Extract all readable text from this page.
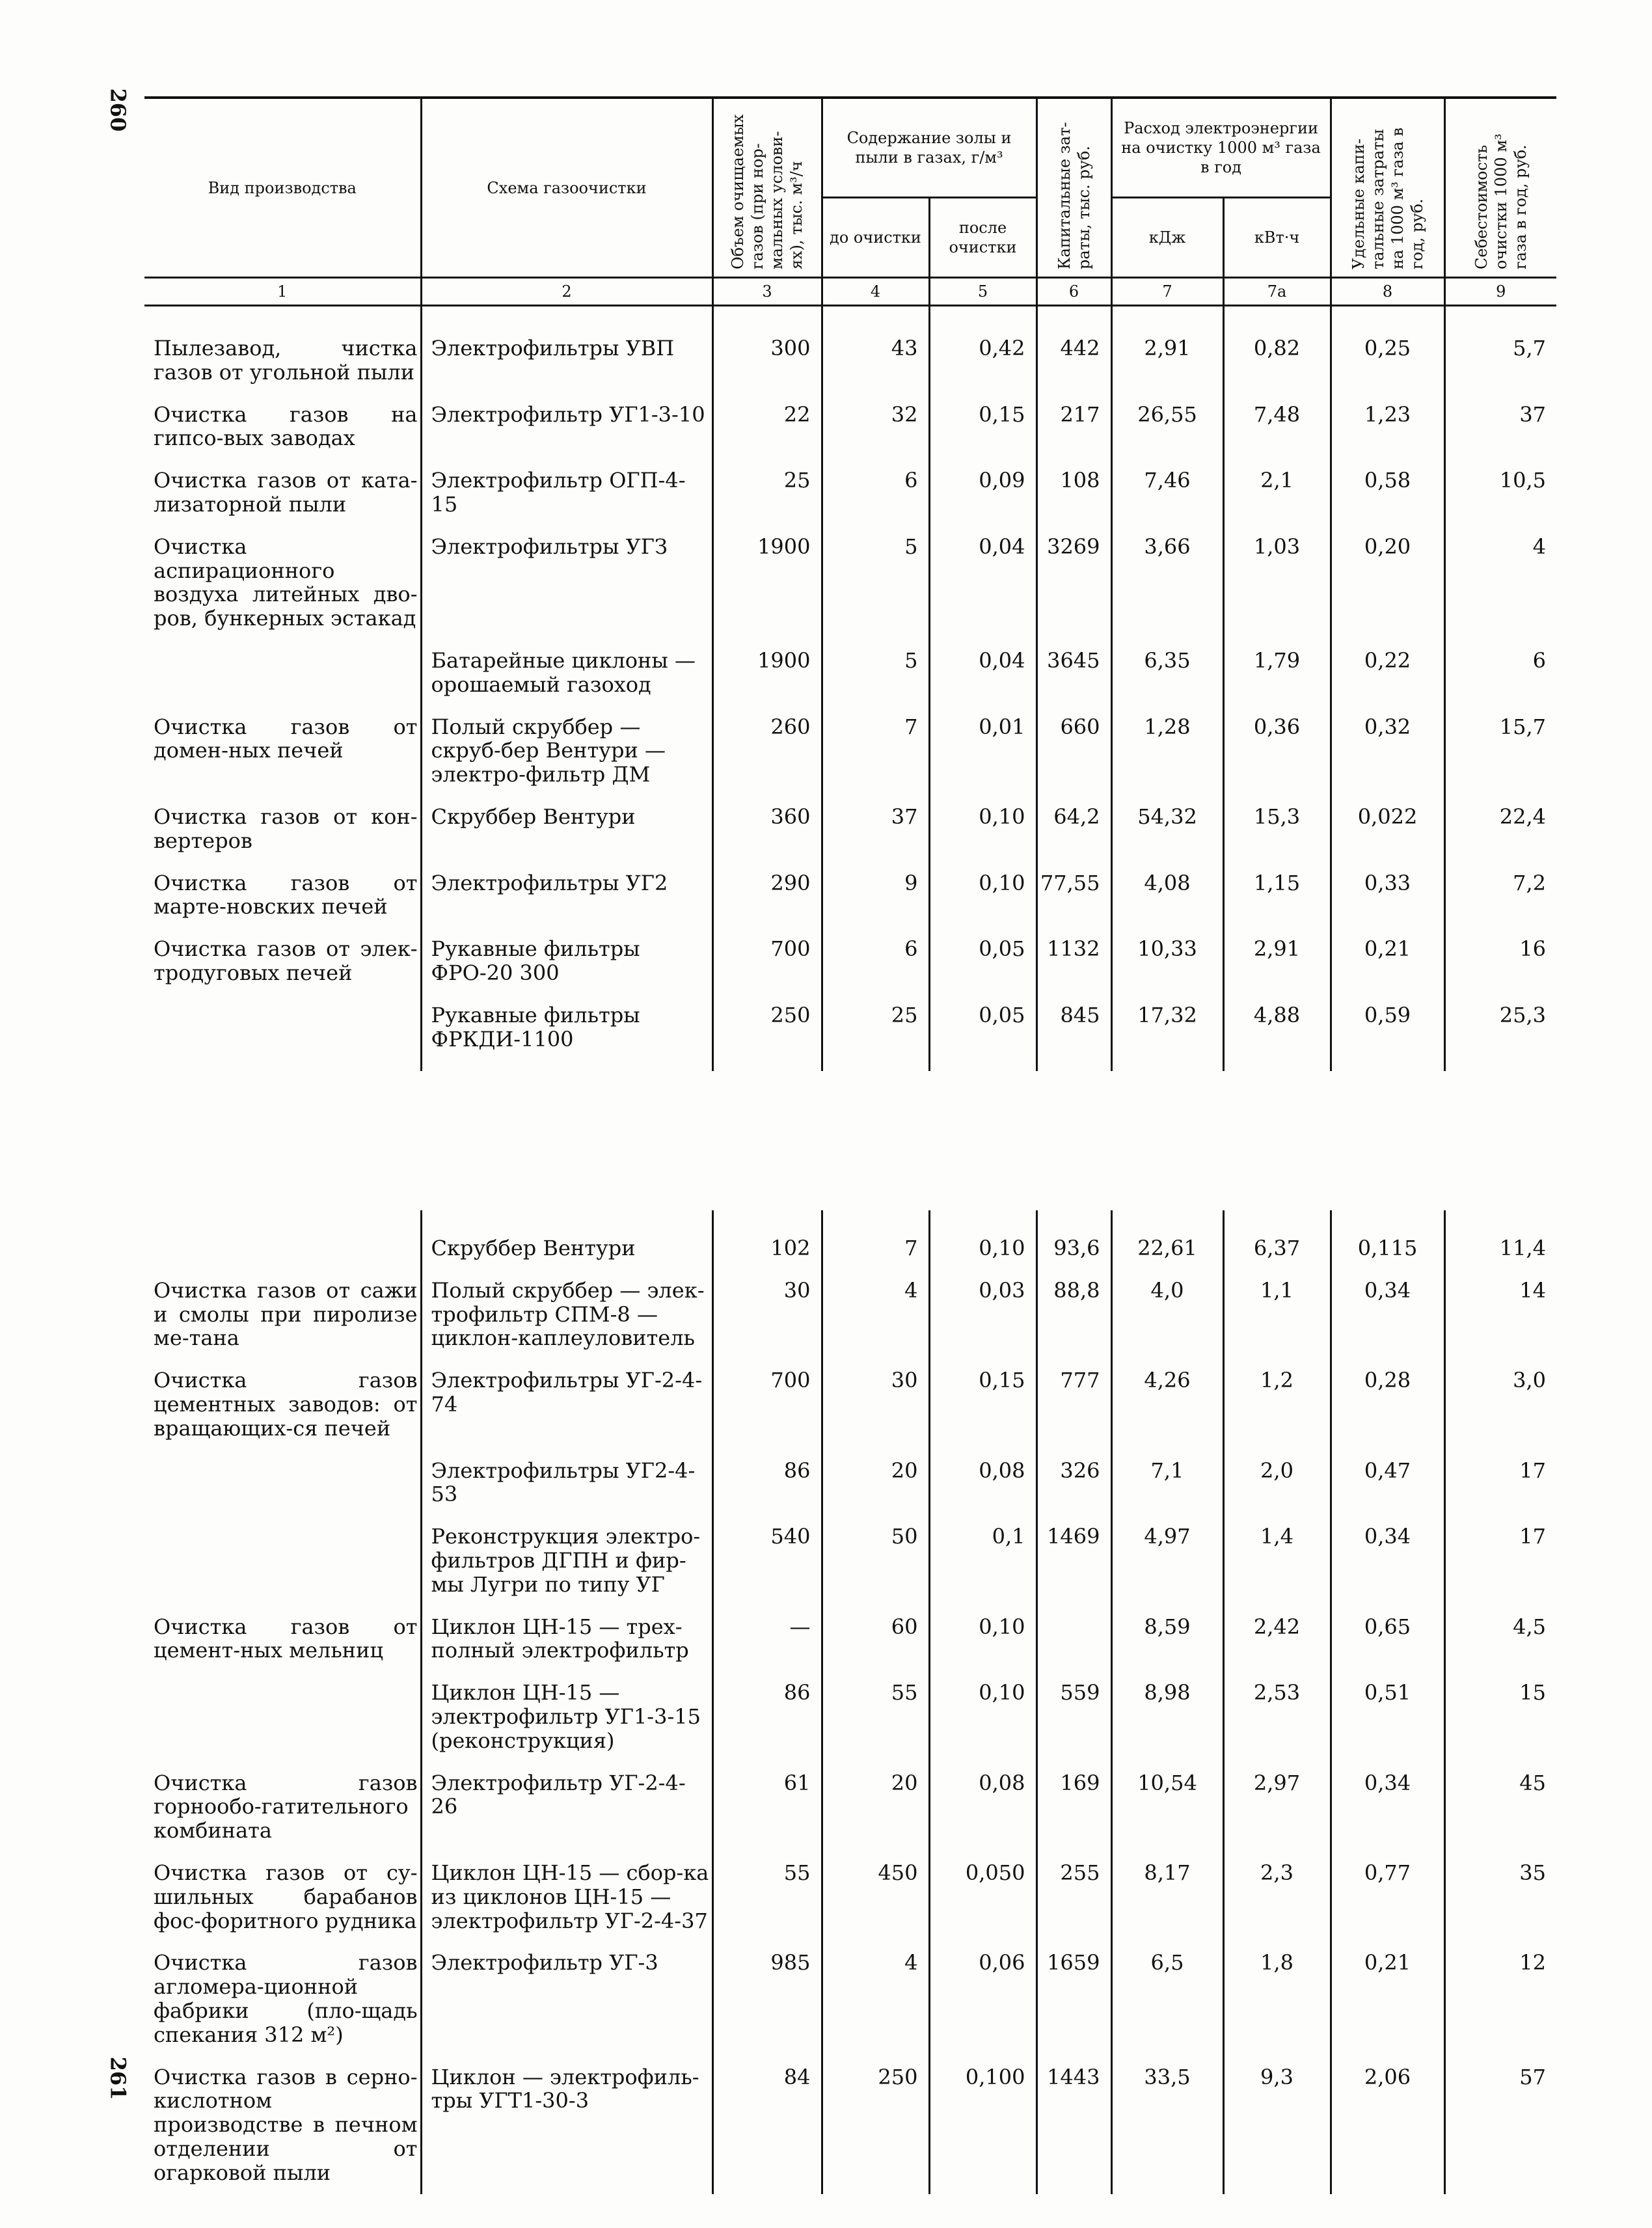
260
261
Вид производства	Схема газоочистки	Объем очищаемых газов (при нор-мальных услови-ях), тыс. м³/ч	Содержание золы и пыли в газах, г/м³		Капитальные зат-раты, тыс. руб.	Расход электроэнергии на очистку 1000 м³ газа в год		Удельные капи-тальные затраты на 1000 м³ газа в год, руб.	Себестоимость очистки 1000 м³ газа в год, руб.

			до очистки	после очистки		кДж	кВт·ч		
1	2	3	4	5	6	7	7а	8	9
Пылезавод, чистка газов от угольной пыли	Электрофильтры УВП	300	43	0,42	442	2,91	0,82	0,25	5,7
Очистка газов на гипсо-вых заводах	Электрофильтр УГ1-3-10	22	32	0,15	217	26,55	7,48	1,23	37
Очистка газов от ката-лизаторной пыли	Электрофильтр ОГП-4-15	25	6	0,09	108	7,46	2,1	0,58	10,5
Очистка аспирационного воздуха литейных дво-ров, бункерных эстакад	Электрофильтры УГЗ	1900	5	0,04	3269	3,66	1,03	0,20	4
	Батарейные циклоны — орошаемый газоход	1900	5	0,04	3645	6,35	1,79	0,22	6
Очистка газов от домен-ных печей	Полый скруббер — скруб-бер Вентури — электро-фильтр ДМ	260	7	0,01	660	1,28	0,36	0,32	15,7
Очистка газов от кон-вертеров	Скруббер Вентури	360	37	0,10	64,2	54,32	15,3	0,022	22,4
Очистка газов от марте-новских печей	Электрофильтры УГ2	290	9	0,10	77,55	4,08	1,15	0,33	7,2
Очистка газов от элек-тродуговых печей	Рукавные фильтры ФРО-20 300	700	6	0,05	1132	10,33	2,91	0,21	16
	Рукавные фильтры ФРКДИ-1100	250	25	0,05	845	17,32	4,88	0,59	25,3
	Скруббер Вентури	102	7	0,10	93,6	22,61	6,37	0,115	11,4
Очистка газов от сажи и смолы при пиролизе ме-тана	Полый скруббер — элек-трофильтр СПМ-8 — циклон-каплеуловитель	30	4	0,03	88,8	4,0	1,1	0,34	14
Очистка газов цементных заводов: от вращающих-ся печей	Электрофильтры УГ-2-4-74	700	30	0,15	777	4,26	1,2	0,28	3,0
	Электрофильтры УГ2-4-53	86	20	0,08	326	7,1	2,0	0,47	17
	Реконструкция электро-фильтров ДГПН и фир-мы Лугри по типу УГ	540	50	0,1	1469	4,97	1,4	0,34	17
Очистка газов от цемент-ных мельниц	Циклон ЦН-15 — трех-полный электрофильтр	—	60	0,10		8,59	2,42	0,65	4,5
	Циклон ЦН-15 — электрофильтр УГ1-3-15 (реконструкция)	86	55	0,10	559	8,98	2,53	0,51	15
Очистка газов горнообо-гатительного комбината	Электрофильтр УГ-2-4-26	61	20	0,08	169	10,54	2,97	0,34	45
Очистка газов от су-шильных барабанов фос-форитного рудника	Циклон ЦН-15 — сбор-ка из циклонов ЦН-15 — электрофильтр УГ-2-4-37	55	450	0,050	255	8,17	2,3	0,77	35
Очистка газов агломера-ционной фабрики (пло-щадь спекания 312 м²)	Электрофильтр УГ-3	985	4	0,06	1659	6,5	1,8	0,21	12
Очистка газов в серно-кислотном производстве в печном отделении от огарковой пыли	Циклон — электрофиль-тры УГТ1-30-3	84	250	0,100	1443	33,5	9,3	2,06	57
